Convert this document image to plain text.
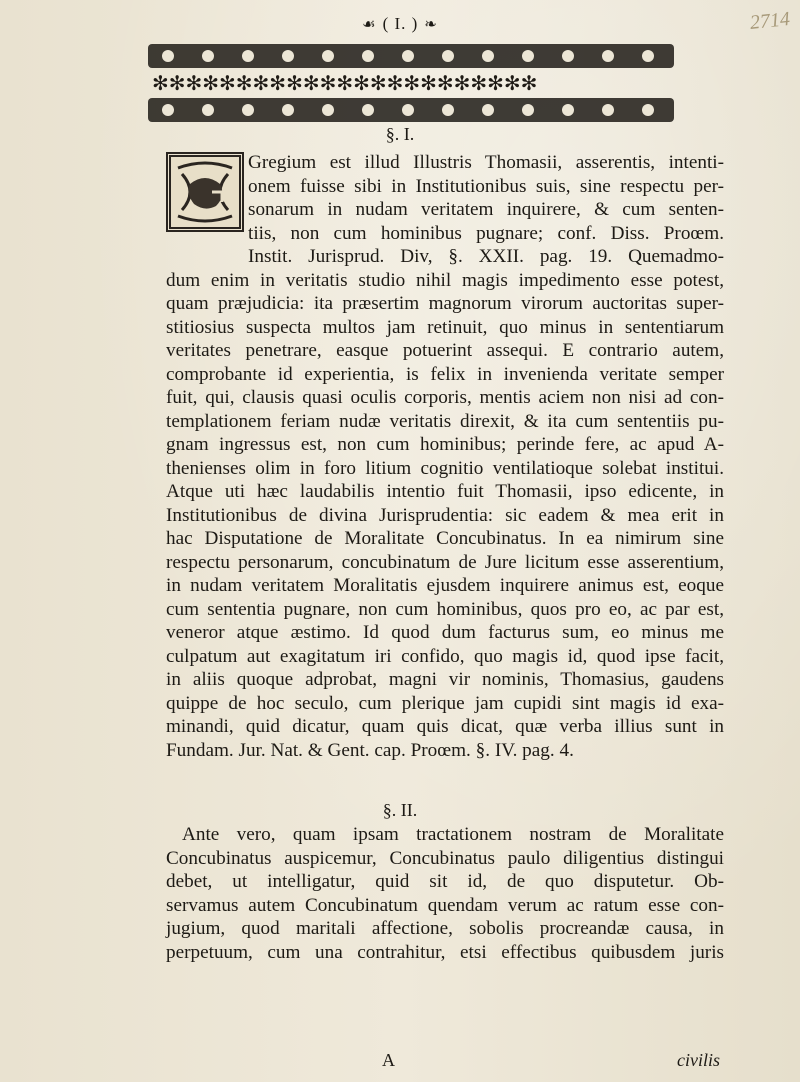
2714
☙ ( I. ) ❧
✻✻✻✻✻✻✻✻✻✻✻✻✻✻✻✻✻✻✻✻✻✻✻
§. I.
Gregium est illud Illustris Thomasii, asserentis, intenti-
onem fuisse sibi in Institutionibus suis, sine respectu per-
sonarum in nudam veritatem inquirere, & cum senten-
tiis, non cum hominibus pugnare; conf. Diss. Proœm.
Instit. Jurisprud. Div, §. XXII. pag. 19. Quemadmo-
dum enim in veritatis studio nihil magis impedimento esse potest,
quam præjudicia: ita præsertim magnorum virorum auctoritas super-
stitiosius suspecta multos jam retinuit, quo minus in sententiarum
veritates penetrare, easque potuerint assequi. E contrario autem,
comprobante id experientia, is felix in invenienda veritate semper
fuit, qui, clausis quasi oculis corporis, mentis aciem non nisi ad con-
templationem feriam nudæ veritatis direxit, & ita cum sententiis pu-
gnam ingressus est, non cum hominibus; perinde fere, ac apud A-
thenienses olim in foro litium cognitio ventilatioque solebat institui.
Atque uti hæc laudabilis intentio fuit Thomasii, ipso edicente, in
Institutionibus de divina Jurisprudentia: sic eadem & mea erit in
hac Disputatione de Moralitate Concubinatus. In ea nimirum sine
respectu personarum, concubinatum de Jure licitum esse asserentium,
in nudam veritatem Moralitatis ejusdem inquirere animus est, eoque
cum sententia pugnare, non cum hominibus, quos pro eo, ac par est,
veneror atque æstimo. Id quod dum facturus sum, eo minus me
culpatum aut exagitatum iri confido, quo magis id, quod ipse facit,
in aliis quoque adprobat, magni vir nominis, Thomasius, gaudens
quippe de hoc seculo, cum plerique jam cupidi sint magis id exa-
minandi, quid dicatur, quam quis dicat, quæ verba illius sunt in
Fundam. Jur. Nat. & Gent. cap. Proœm. §. IV. pag. 4.
§. II.
Ante vero, quam ipsam tractationem nostram de Moralitate
Concubinatus auspicemur, Concubinatus paulo diligentius distingui
debet, ut intelligatur, quid sit id, de quo disputetur. Ob-
servamus autem Concubinatum quendam verum ac ratum esse con-
jugium, quod maritali affectione, sobolis procreandæ causa, in
perpetuum, cum una contrahitur, etsi effectibus quibusdem juris
A	civilis
